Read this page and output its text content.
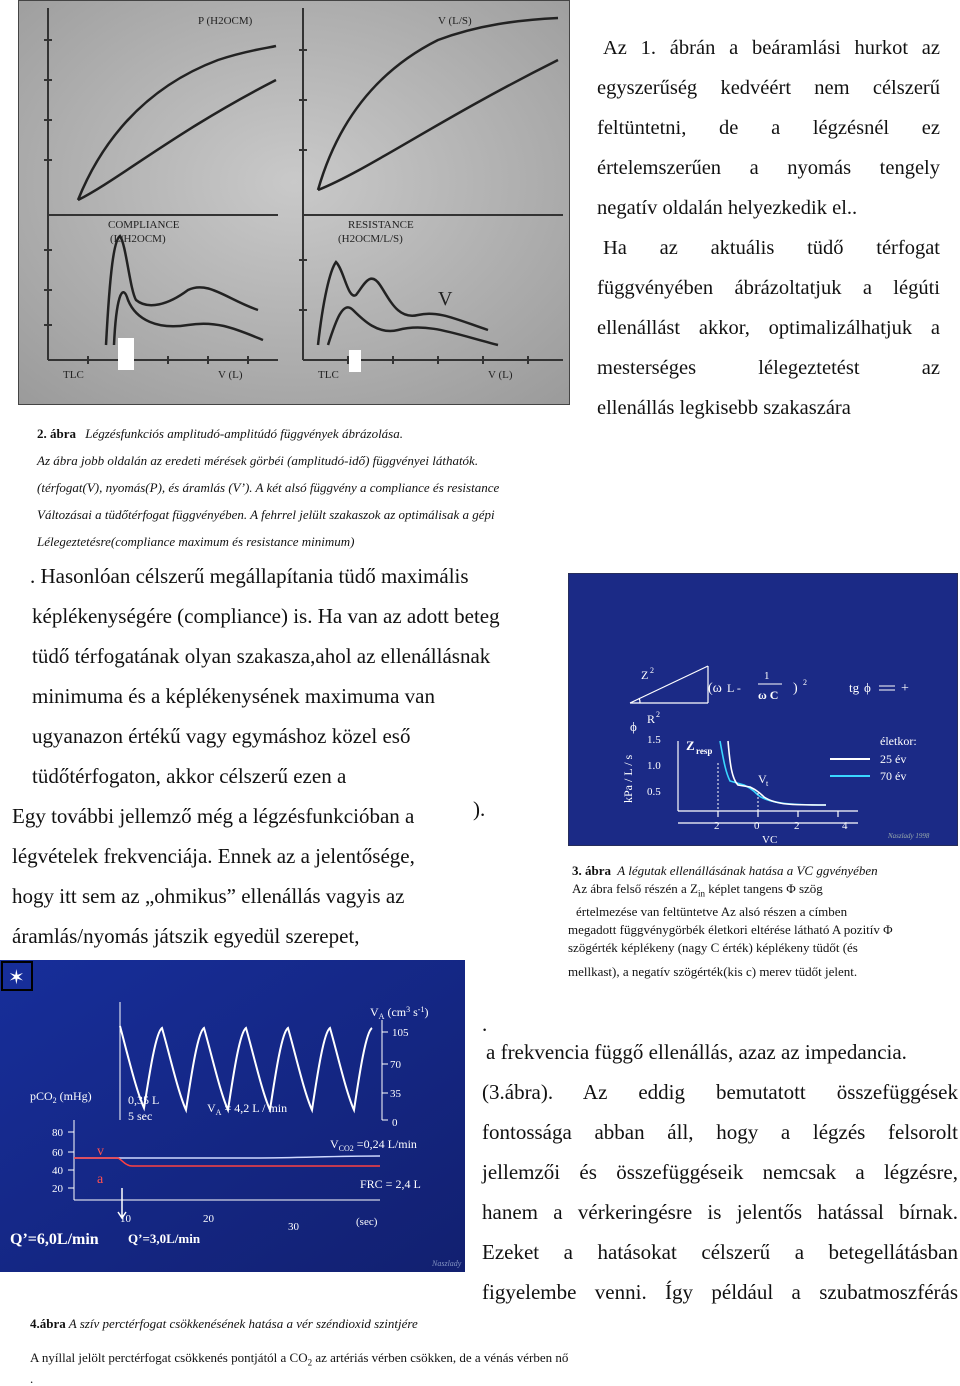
P (H2OCM)	V (L/S)
COMPLIANCE
(L/H2OCM)
RESISTANCE
(H2OCM/L/S)
TLC	V (L)	TLC	V (L)
V
2. ábra Légzésfunkciós amplitudó-amplitúdó függvények ábrázolása.
Az ábra jobb oldalán az eredeti mérések görbéi (amplitudó-idő) függvényei láthatók.
(térfogat(V), nyomás(P), és áramlás (V’). A két alsó függvény a compliance és resistance
Változásai a tüdőtérfogat függvényében. A fehrrel jelült szakaszok az optimálisak a gépi
Lélegeztetésre(compliance maximum és resistance minimum)
Az 1. ábrán a beáramlási hurkot az
egyszerűség kedvéért nem célszerű
feltüntetni, de a légzésnél ez
értelemszerűen a nyomás tengely
negatív oldalán helyezkedik el..
Ha az aktuális tüdő térfogat
függvényében ábrázoltatjuk a légúti
ellenállást akkor, optimalizálhatjuk a
mesterséges lélegeztetést az
ellenállás legkisebb szakaszára
. Hasonlóan célszerű megállapítania tüdő maximális
képlékenységére (compliance) is. Ha van az adott beteg
tüdő térfogatának olyan szakasza,ahol az ellenállásnak
minimuma és a képlékenysének maximuma van
ugyanazon értékű vagy egymáshoz közel eső
tüdőtérfogaton, akkor célszerű ezen a
Egy további jellemző még a légzésfunkcióban a
légvételek frekvenciája. Ennek az a jelentősége,
hogy itt sem az „ohmikus” ellenállás vagyis az
áramlás/nyomás játszik egyedül szerepet,
).
Z 2
ϕ R 2
(ω L -
1
ω C ) 2	tg ϕ +
kPa / L / s
1.5
1.0
0.5
2	0	2	4
VC
Z resp
V t
életkor:
25 év
70 év
Naszlady 1998
3. ábra A légutak ellenállásának hatása a VC ggvényében
Az ábra felső részén a $Z_{in}$ képlet tangens Φ szög
értelmezése van feltüntetve Az alsó részen a címben
megadott függvénygörbék életkori eltérése látható A pozitív Φ
szögérték képlékeny (nagy C érték) képlékeny tüdőt (és
mellkast), a negatív szögérték(kis c) merev tüdőt jelent.
✶
$V_A$ ($cm^3$ $s^{-1}$)
105
70
35
0
pCO$_2$ (mHg)
80
60
40
20
v
a
0,35 L
5 sec
$V_A = 4,2$ L / min
$V_{CO2} =0,24$ L/min
FRC = 2,4 L
10	20
30	(sec)
Q’=6,0L/min Q’=3,0L/min
Naszlady
.
a frekvencia függő ellenállás, azaz az impedancia.
(3.ábra). Az eddig bemutatott összefüggések
fontossága abban áll, hogy a légzés felsorolt
jellemzői és összefüggéseik nemcsak a légzésre,
hanem a vérkeringésre is jelentős hatással bírnak.
Ezeket a hatásokat célszerű a betegellátásban
figyelembe venni. Így például a szubatmoszférás
4.ábra A szív perctérfogat csökkenésének hatása a vér széndioxid szintjére
A nyíllal jelölt perctérfogat csökkenés pontjától a $CO_2$ az artériás vérben csökken, de a vénás vérben nő
.
